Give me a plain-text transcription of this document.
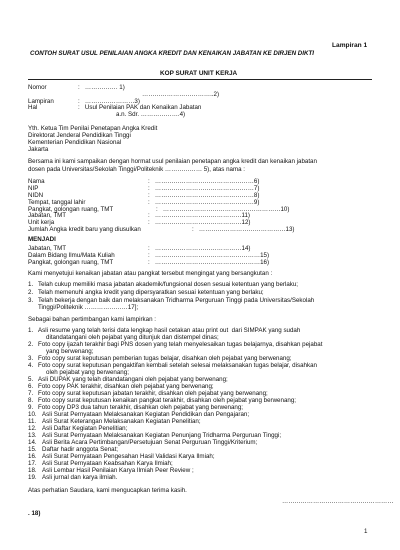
Lampiran 1
CONTOH SURAT USUL PENILAIAN ANGKA KREDIT DAN KENAIKAN JABATAN KE DIRJEN DIKTI
KOP SURAT UNIT KERJA
Nomor	:   ……………. 1)
……………………………..2)
Lampiran	:   ……………………3)
Hal	:   Usul Penilaian PAK dan Kenaikan Jabatan
a.n. Sdr. ……………….4)
Yth. Ketua Tim Penilai Penetapan Angka Kredit
Direktorat Jenderal Pendidikan Tinggi
Kementerian Pendidikan Nasional
Jakarta
Bersama ini kami sampaikan dengan hormat usul penilaian penetapan angka kredit dan kenaikan jabatan
dosen pada Universitas/Sekolah Tinggi/Politeknik ……………… 5), atas nama :
Nama	:   …………………………………………6)
NIP	:   …………………………………………7)
NIDN	:   …………………………………………8)
Tempat, tanggal lahir	:   …………………………………………9)
Pangkat, golongan ruang, TMT	:   …………………………………………………10)
Jabatan, TMT	:   ……………………………………11)
Unit kerja	:   ……………………………………12)
Jumlah Angka kredit baru yang diusulkan	:   ……………………………………13)
MENJADI
Jabatan, TMT	:   ……………………………………14)
Dalam Bidang Ilmu/Mata Kuliah	:   ……………………………………………15)
Pangkat, golongan ruang, TMT	:   ……………………………………………16)
Kami menyetujui kenaikan jabatan atau pangkat tersebut mengingat yang bersangkutan :
1. Telah cukup memiliki masa jabatan akademik/fungsional dosen sesuai ketentuan yang berlaku;
2. Telah memenuhi angka kredit yang dipersyaratkan sesuai ketentuan yang berlaku;
3. Telah bekerja dengan baik dan melaksanakan Tridharma Perguruan Tinggi pada Universitas/Sekolah
Tinggi/Politeknik …………………17];
Sebagai bahan pertimbangan kami lampirkan :
1. Asli resume yang telah terisi data lengkap hasil cetakan atau print out  dari SIMPAK yang sudah
ditandatangani oleh pejabat yang ditunjuk dan distempel dinas;
2. Foto copy ijazah terakhir bagi PNS dosen yang telah menyelesaikan tugas belajarnya, disahkan pejabat
yang berwenang;
3. Foto copy surat keputusan pemberian tugas belajar, disahkan oleh pejabat yang berwenang;
4. Foto copy surat keputusan pengaktifan kembali setelah selesai melaksanakan tugas belajar, disahkan
oleh pejabat yang berwenang;
5. Asli DUPAK yang telah ditandatangani oleh pejabat yang berwenang;
6. Foto copy PAK terakhir, disahkan oleh pejabat yang berwenang;
7. Foto copy surat keputusan jabatan terakhir, disahkan oleh pejabat yang berwenang;
8. Foto copy surat keputusan kenaikan pangkat terakhir, disahkan oleh pejabat yang berwenang;
9. Foto copy DP3 dua tahun terakhir, disahkan oleh pejabat yang berwenang;
10. Asli Surat Pernyataan Melaksanakan Kegiatan Pendidikan dan Pengajaran;
11. Asli Surat Keterangan Melaksanakan Kegiatan Penelitian;
12. Asli Daftar Kegiatan Penelitian;
13. Asli Surat Pernyataan Melaksanakan Kegiatan Penunjang Tridharma Perguruan Tinggi;
14. Asli Berita Acara Pertimbangan/Persetujuan Senat Perguruan Tinggi/Kriterium;
15. Daftar hadir anggota Senat;
16. Asli Surat Pernyataan Pengesahan Hasil Validasi Karya Ilmiah;
17. Asli Surat Pernyataan Keabsahan Karya Ilmiah;
18. Asli Lembar Hasil Penilaian Karya Ilmiah Peer Review ;
19. Asli jurnal dan karya ilmiah.
Atas perhatian Saudara, kami mengucapkan terima kasih.
………………………………………………
. 18)
1
